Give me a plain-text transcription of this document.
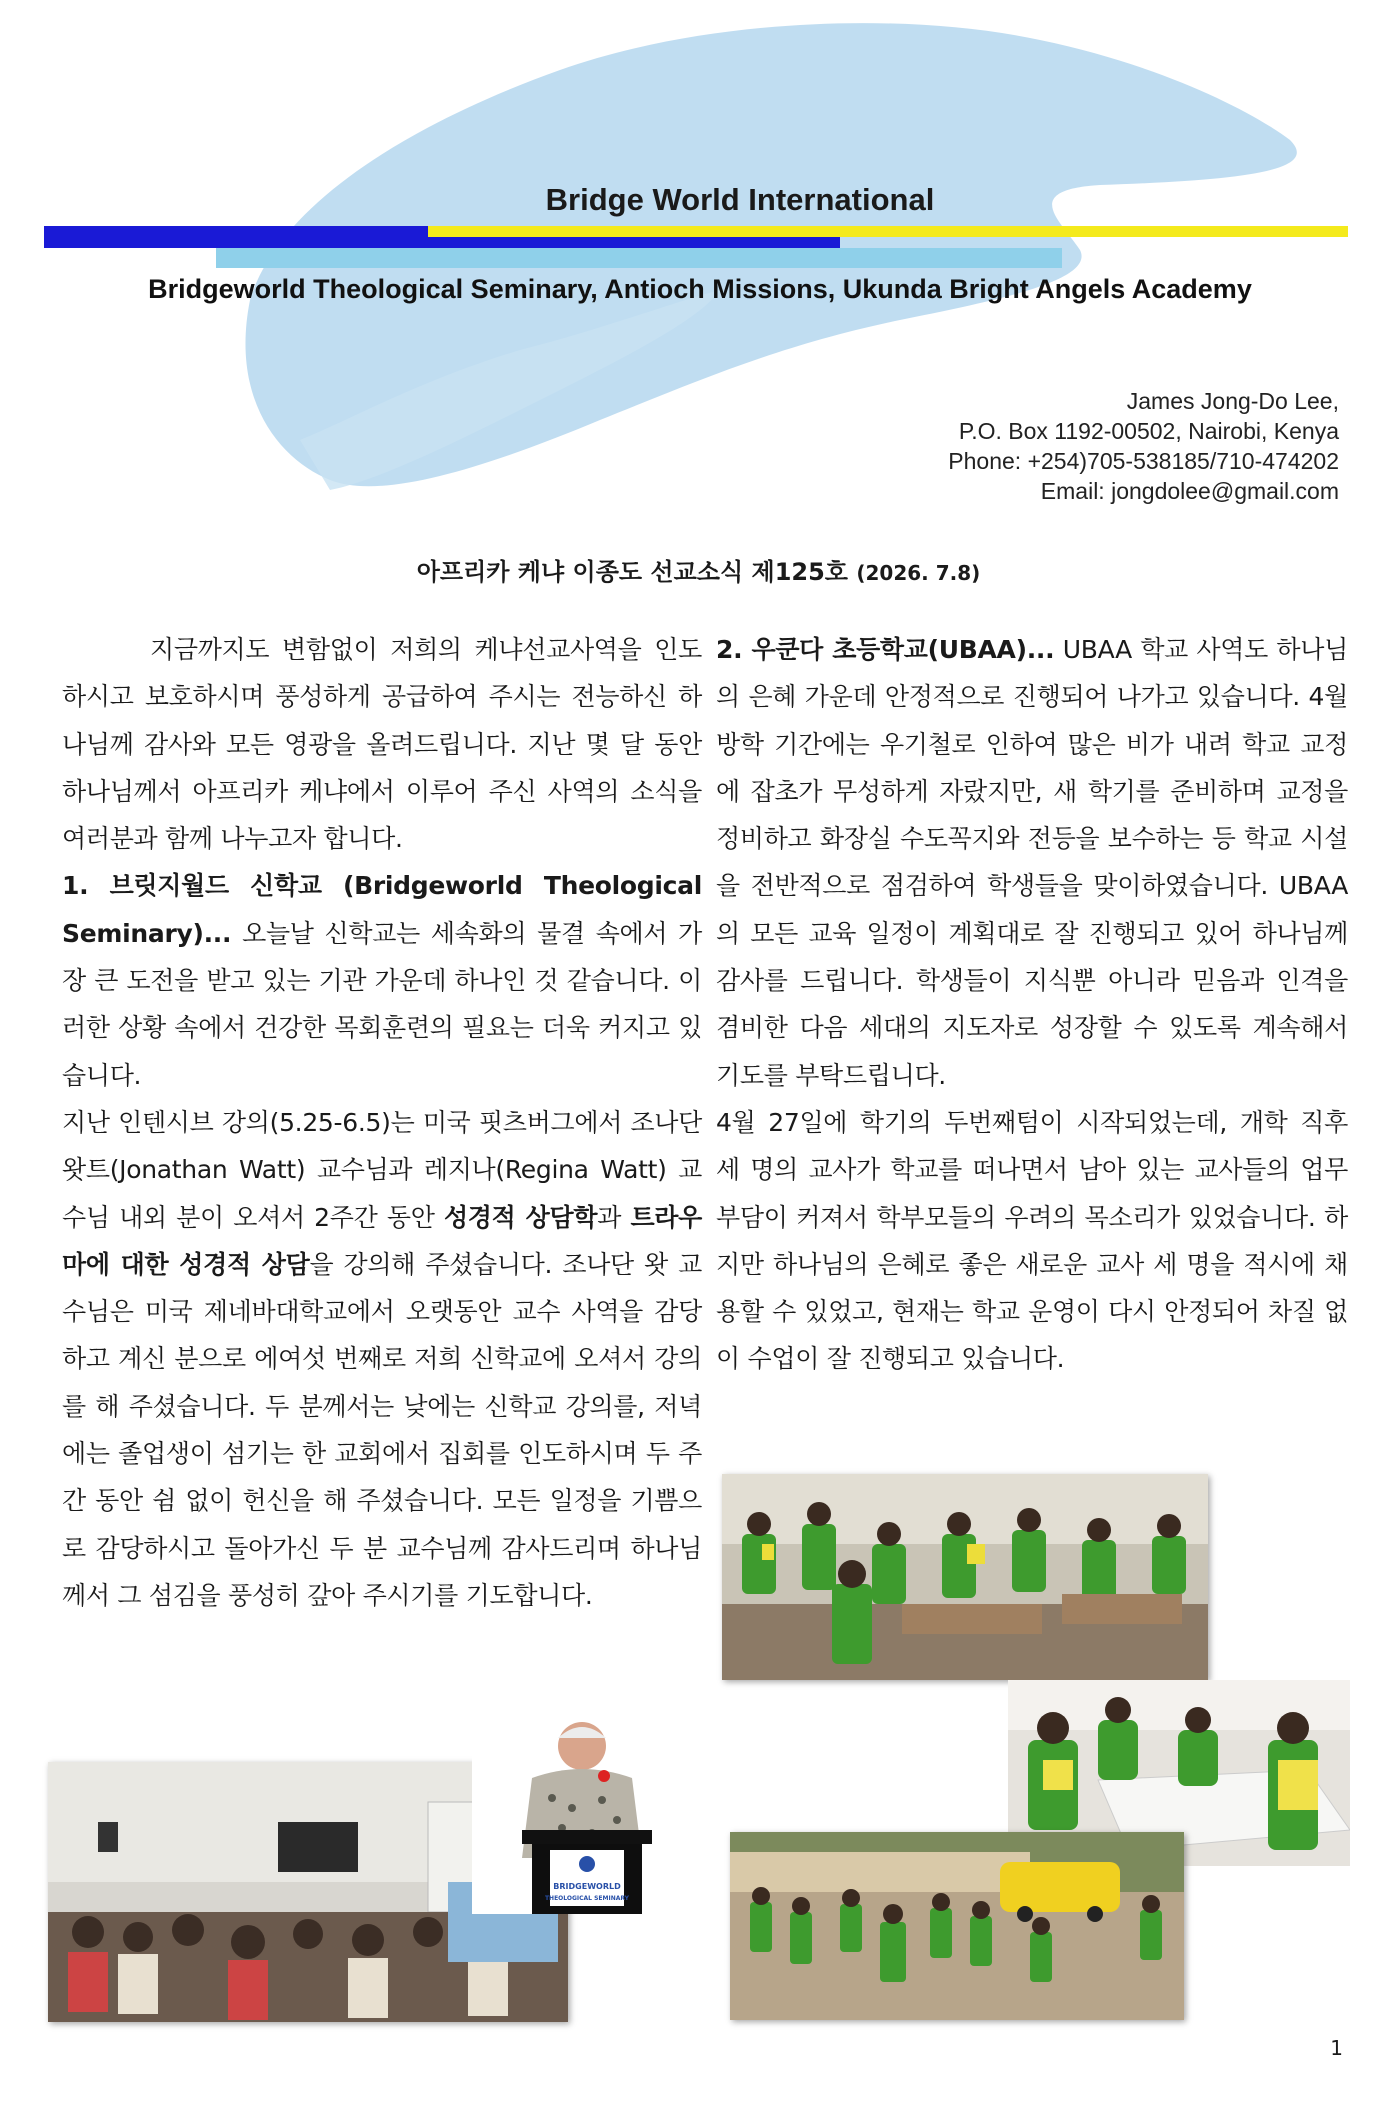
Bridge World International
Bridgeworld Theological Seminary, Antioch Missions, Ukunda Bright Angels Academy
James Jong-Do Lee,
P.O. Box 1192-00502, Nairobi, Kenya
Phone: +254)705-538185/710-474202
Email: jongdolee@gmail.com
아프리카 케냐 이종도 선교소식 제125호 (2026. 7.8)

지금까지도 변함없이 저희의 케냐선교사역을 인도하시고 보호하시며 풍성하게 공급하여 주시는 전능하신 하나님께 감사와 모든 영광을 올려드립니다. 지난 몇 달 동안 하나님께서 아프리카 케냐에서 이루어 주신 사역의 소식을 여러분과 함께 나누고자 합니다.

1. 브릿지월드 신학교 (Bridgeworld Theological Seminary)... 오늘날 신학교는 세속화의 물결 속에서 가장 큰 도전을 받고 있는 기관 가운데 하나인 것 같습니다. 이러한 상황 속에서 건강한 목회훈련의 필요는 더욱 커지고 있습니다.

지난 인텐시브 강의(5.25-6.5)는 미국 핏츠버그에서 조나단 왓트(Jonathan Watt) 교수님과 레지나(Regina Watt) 교수님 내외 분이 오셔서 2주간 동안 성경적 상담학과 트라우마에 대한 성경적 상담을 강의해 주셨습니다. 조나단 왓 교수님은 미국 제네바대학교에서 오랫동안 교수 사역을 감당하고 계신 분으로 에여섯 번째로 저희 신학교에 오셔서 강의를 해 주셨습니다. 두 분께서는 낮에는 신학교 강의를, 저녁에는 졸업생이 섬기는 한 교회에서 집회를 인도하시며 두 주간 동안 쉼 없이 헌신을 해 주셨습니다. 모든 일정을 기쁨으로 감당하시고 돌아가신 두 분 교수님께 감사드리며 하나님께서 그 섬김을 풍성히 갚아 주시기를 기도합니다.

2. 우쿤다 초등학교(UBAA)... UBAA 학교 사역도 하나님의 은혜 가운데 안정적으로 진행되어 나가고 있습니다. 4월 방학 기간에는 우기철로 인하여 많은 비가 내려 학교 교정에 잡초가 무성하게 자랐지만, 새 학기를 준비하며 교정을 정비하고 화장실 수도꼭지와 전등을 보수하는 등 학교 시설을 전반적으로 점검하여 학생들을 맞이하였습니다. UBAA의 모든 교육 일정이 계획대로 잘 진행되고 있어 하나님께 감사를 드립니다. 학생들이 지식뿐 아니라 믿음과 인격을 겸비한 다음 세대의 지도자로 성장할 수 있도록 계속해서 기도를 부탁드립니다.

4월 27일에 학기의 두번째텀이 시작되었는데, 개학 직후 세 명의 교사가 학교를 떠나면서 남아 있는 교사들의 업무 부담이 커져서 학부모들의 우려의 목소리가 있었습니다. 하지만 하나님의 은혜로 좋은 새로운 교사 세 명을 적시에 채용할 수 있었고, 현재는 학교 운영이 다시 안정되어 차질 없이 수업이 잘 진행되고 있습니다.

BRIDGEWORLD
THEOLOGICAL SEMINARY
1
